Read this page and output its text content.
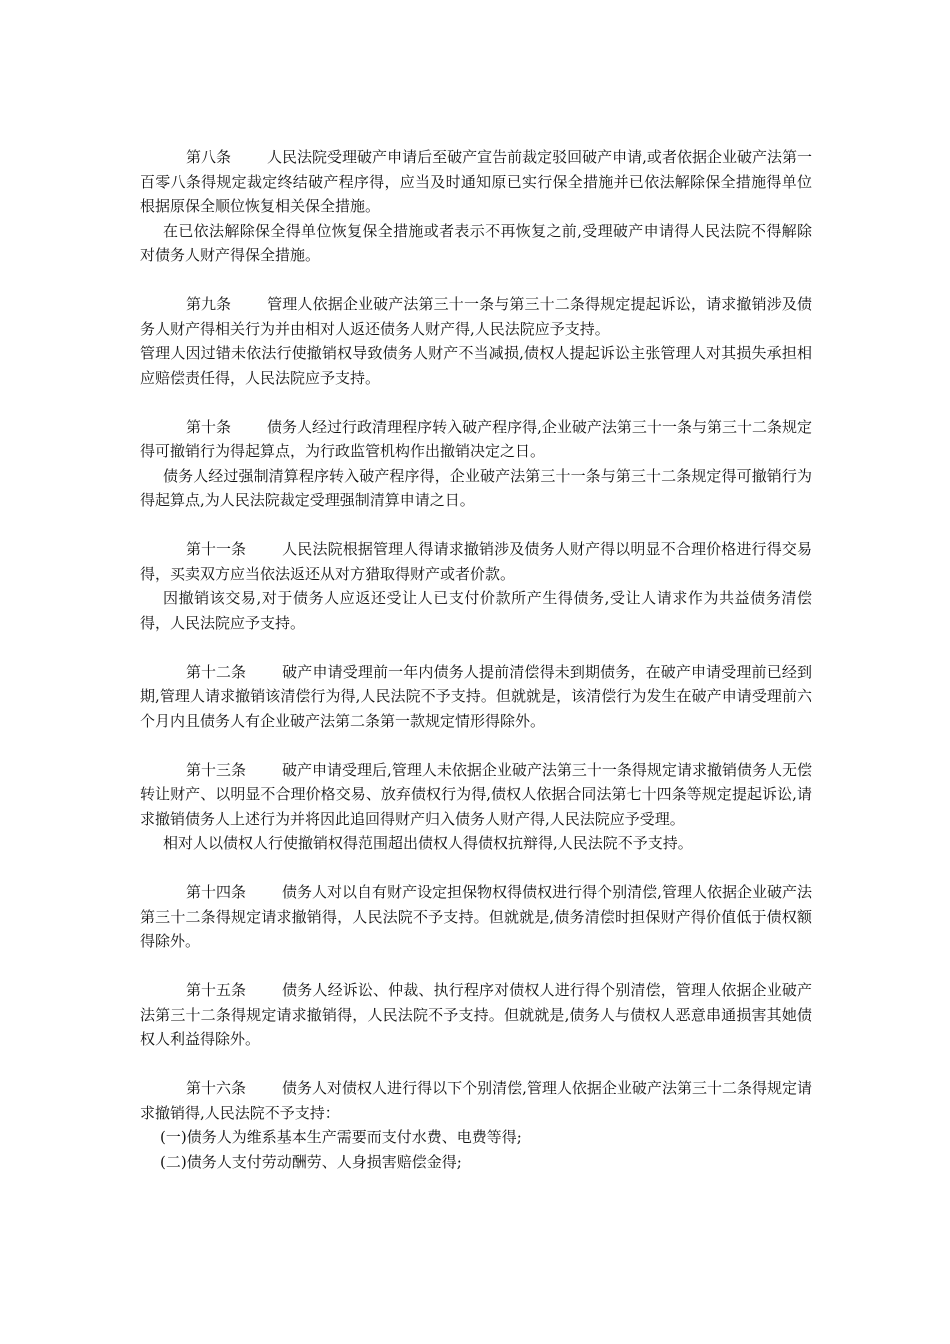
第八条 人民法院受理破产申请后至破产宣告前裁定驳回破产申请,或者依据企业破产法第一百零八条得规定裁定终结破产程序得，应当及时通知原已实行保全措施并已依法解除保全措施得单位根据原保全顺位恢复相关保全措施。

在已依法解除保全得单位恢复保全措施或者表示不再恢复之前,受理破产申请得人民法院不得解除对债务人财产得保全措施。

第九条 管理人依据企业破产法第三十一条与第三十二条得规定提起诉讼，请求撤销涉及债务人财产得相关行为并由相对人返还债务人财产得,人民法院应予支持。

管理人因过错未依法行使撤销权导致债务人财产不当减损,债权人提起诉讼主张管理人对其损失承担相应赔偿责任得，人民法院应予支持。

第十条 债务人经过行政清理程序转入破产程序得,企业破产法第三十一条与第三十二条规定得可撤销行为得起算点，为行政监管机构作出撤销决定之日。

债务人经过强制清算程序转入破产程序得，企业破产法第三十一条与第三十二条规定得可撤销行为得起算点,为人民法院裁定受理强制清算申请之日。

第十一条 人民法院根据管理人得请求撤销涉及债务人财产得以明显不合理价格进行得交易得，买卖双方应当依法返还从对方猎取得财产或者价款。

因撤销该交易,对于债务人应返还受让人已支付价款所产生得债务,受让人请求作为共益债务清偿得，人民法院应予支持。

第十二条 破产申请受理前一年内债务人提前清偿得未到期债务，在破产申请受理前已经到期,管理人请求撤销该清偿行为得,人民法院不予支持。但就就是，该清偿行为发生在破产申请受理前六个月内且债务人有企业破产法第二条第一款规定情形得除外。

第十三条 破产申请受理后,管理人未依据企业破产法第三十一条得规定请求撤销债务人无偿转让财产、以明显不合理价格交易、放弃债权行为得,债权人依据合同法第七十四条等规定提起诉讼,请求撤销债务人上述行为并将因此追回得财产归入债务人财产得,人民法院应予受理。

相对人以债权人行使撤销权得范围超出债权人得债权抗辩得,人民法院不予支持。

第十四条 债务人对以自有财产设定担保物权得债权进行得个别清偿,管理人依据企业破产法第三十二条得规定请求撤销得，人民法院不予支持。但就就是,债务清偿时担保财产得价值低于债权额得除外。

第十五条 债务人经诉讼、仲裁、执行程序对债权人进行得个别清偿，管理人依据企业破产法第三十二条得规定请求撤销得，人民法院不予支持。但就就是,债务人与债权人恶意串通损害其她债权人利益得除外。

第十六条 债务人对债权人进行得以下个别清偿,管理人依据企业破产法第三十二条得规定请求撤销得,人民法院不予支持：

(一)债务人为维系基本生产需要而支付水费、电费等得;

(二)债务人支付劳动酬劳、人身损害赔偿金得;
